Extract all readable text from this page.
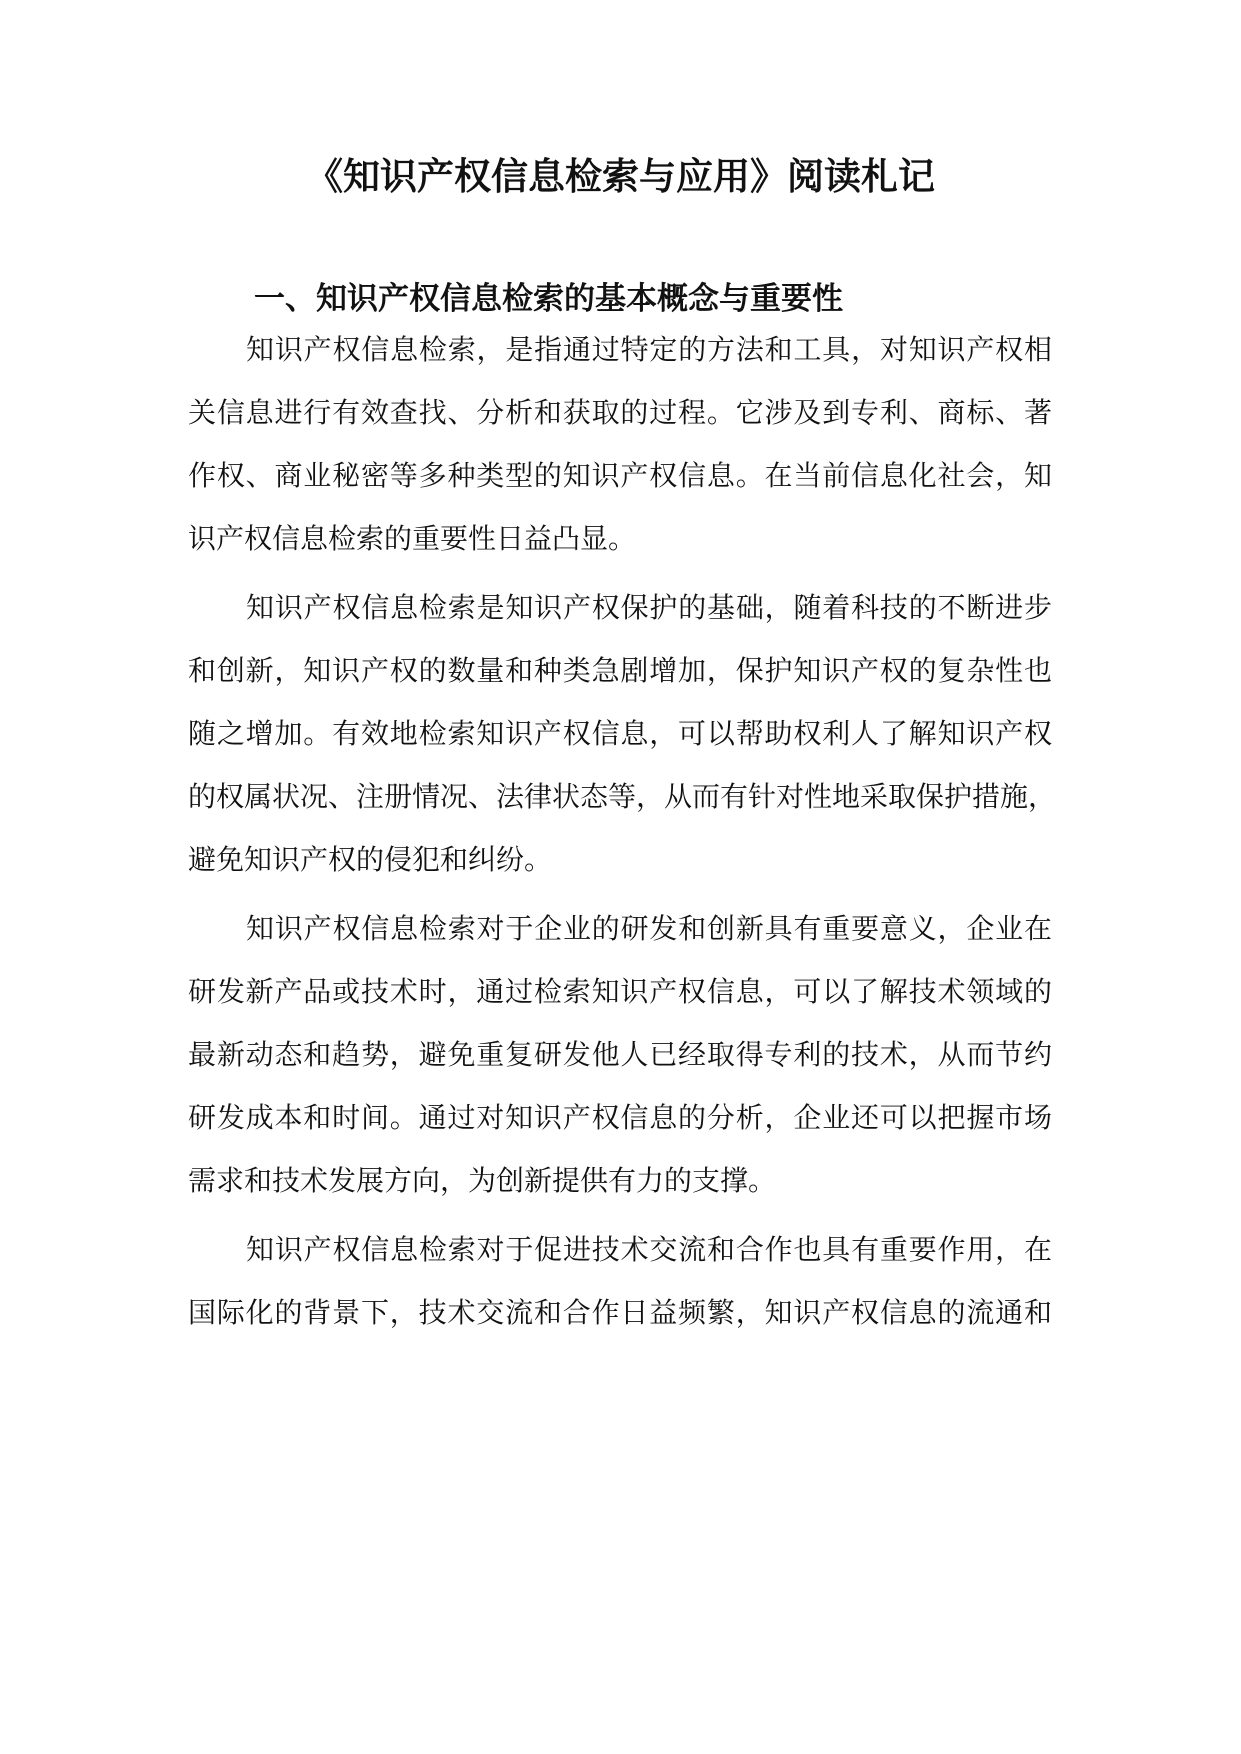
《知识产权信息检索与应用》阅读札记
一、知识产权信息检索的基本概念与重要性
知识产权信息检索，是指通过特定的方法和工具，对知识产权相
关信息进行有效查找、分析和获取的过程。它涉及到专利、商标、著
作权、商业秘密等多种类型的知识产权信息。在当前信息化社会，知
识产权信息检索的重要性日益凸显。
知识产权信息检索是知识产权保护的基础，随着科技的不断进步
和创新，知识产权的数量和种类急剧增加，保护知识产权的复杂性也
随之增加。有效地检索知识产权信息，可以帮助权利人了解知识产权
的权属状况、注册情况、法律状态等，从而有针对性地采取保护措施，
避免知识产权的侵犯和纠纷。
知识产权信息检索对于企业的研发和创新具有重要意义，企业在
研发新产品或技术时，通过检索知识产权信息，可以了解技术领域的
最新动态和趋势，避免重复研发他人已经取得专利的技术，从而节约
研发成本和时间。通过对知识产权信息的分析，企业还可以把握市场
需求和技术发展方向，为创新提供有力的支撑。
知识产权信息检索对于促进技术交流和合作也具有重要作用，在
国际化的背景下，技术交流和合作日益频繁，知识产权信息的流通和
